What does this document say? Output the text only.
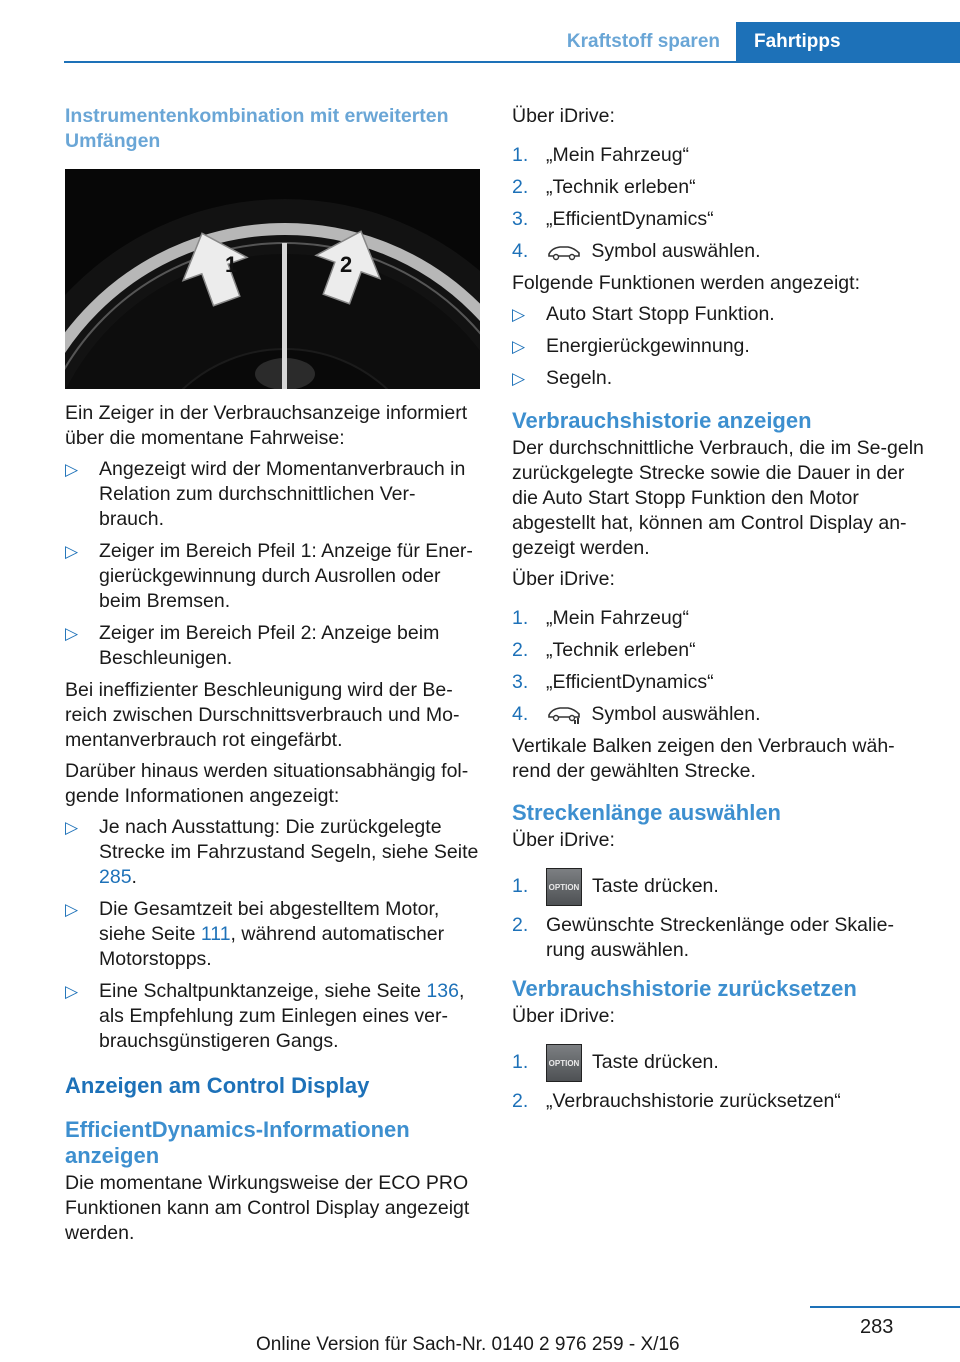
Kraftstoff sparen	Fahrtipps
Instrumentenkombination mit erweiterten Umfängen
1	2

Ein Zeiger in der Verbrauchsanzeige informiert über die momentane Fahrweise:

▷ Angezeigt wird der Momentanverbrauch in Relation zum durchschnittlichen Ver‐brauch.
▷ Zeiger im Bereich Pfeil 1: Anzeige für Ener‐gierückgewinnung durch Ausrollen oder beim Bremsen.
▷ Zeiger im Bereich Pfeil 2: Anzeige beim Beschleunigen.

Bei ineffizienter Beschleunigung wird der Be‐reich zwischen Durschnittsverbrauch und Mo‐mentanverbrauch rot eingefärbt.

Darüber hinaus werden situationsabhängig fol‐gende Informationen angezeigt:

▷ Je nach Ausstattung: Die zurückgelegte Strecke im Fahrzustand Segeln, siehe Seite 285.
▷ Die Gesamtzeit bei abgestelltem Motor, siehe Seite 111, während automatischer Motorstopps.
▷ Eine Schaltpunktanzeige, siehe Seite 136, als Empfehlung zum Einlegen eines ver‐brauchsgünstigeren Gangs.
Anzeigen am Control Display
EfficientDynamics-Informationen anzeigen

Die momentane Wirkungsweise der ECO PRO Funktionen kann am Control Display angezeigt werden.

Über iDrive:

1. „Mein Fahrzeug“
2. „Technik erleben“
3. „EfficientDynamics“
4.	Symbol auswählen.

Folgende Funktionen werden angezeigt:

▷ Auto Start Stopp Funktion.
▷ Energierückgewinnung.
▷ Segeln.
Verbrauchshistorie anzeigen

Der durchschnittliche Verbrauch, die im Se‐geln zurückgelegte Strecke sowie die Dauer in der die Auto Start Stopp Funktion den Motor abgestellt hat, können am Control Display an‐gezeigt werden.

Über iDrive:

1. „Mein Fahrzeug“
2. „Technik erleben“
3. „EfficientDynamics“
4.	Symbol auswählen.

Vertikale Balken zeigen den Verbrauch wäh‐rend der gewählten Strecke.

Streckenlänge auswählen

Über iDrive:

1.	OPTION Taste drücken.
2. Gewünschte Streckenlänge oder Skalie‐rung auswählen.
Verbrauchshistorie zurücksetzen

Über iDrive:

1.	OPTION Taste drücken.
2. „Verbrauchshistorie zurücksetzen“
283
Online Version für Sach-Nr. 0140 2 976 259 - X/16
